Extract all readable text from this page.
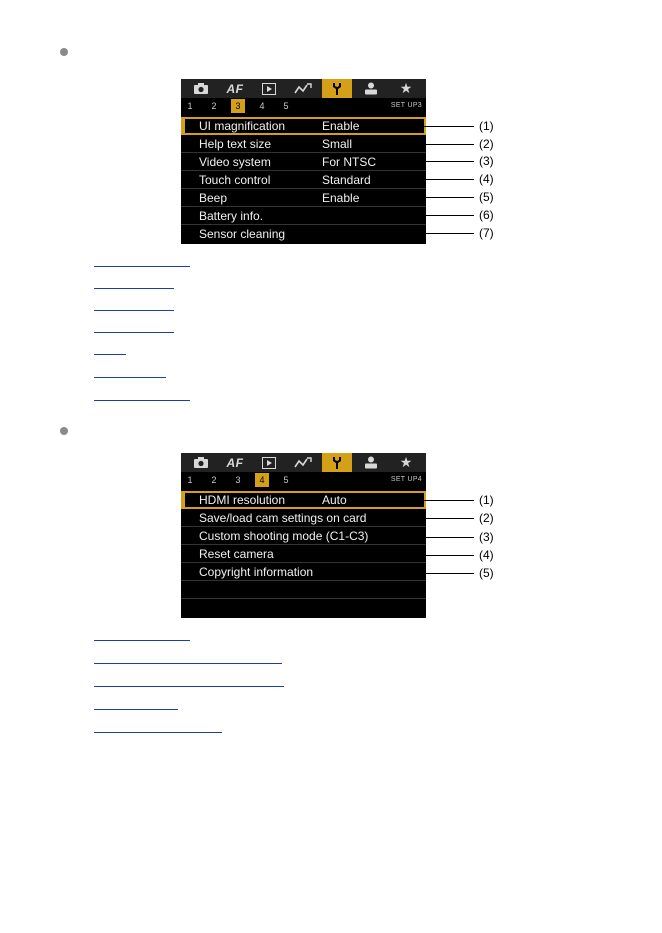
AF	★
1	2	3	4	5	SET UP3
UI magnification	Enable
Help text size	Small
Video system	For NTSC
Touch control	Standard
Beep	Enable
Battery info.
Sensor cleaning
(1)
(2)
(3)
(4)
(5)
(6)
(7)
AF	★
1	2	3	4	5	SET UP4
HDMI resolution	Auto
Save/load cam settings on card
Custom shooting mode (C1-C3)
Reset camera
Copyright information
(1)
(2)
(3)
(4)
(5)
